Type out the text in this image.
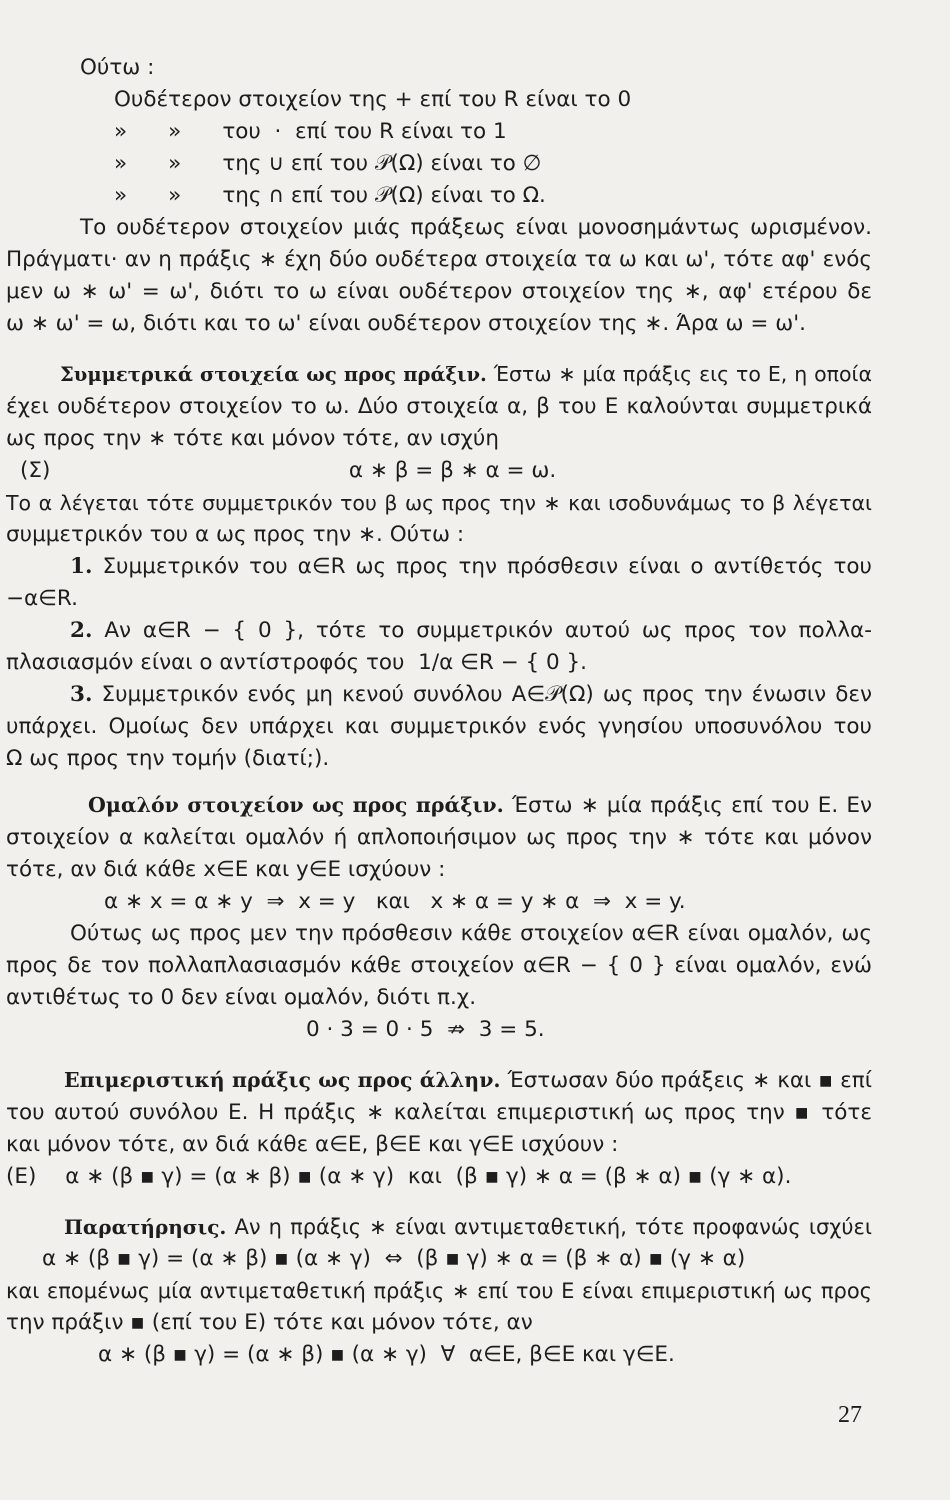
Ούτω :
Ουδέτερον στοιχείον της + επί του R είναι το 0
»      »      του  ·  επί του R είναι το 1
»      »      της ∪ επί του 𝒫(Ω) είναι το ∅
»      »      της ∩ επί του 𝒫(Ω) είναι το Ω.
Το ουδέτερον στοιχείον μιάς πράξεως είναι μονοσημάντως ωρισμένον.
Πράγματι· αν η πράξις ∗ έχη δύο ουδέτερα στοιχεία τα ω και ω', τότε αφ' ενός
μεν ω ∗ ω' = ω', διότι το ω είναι ουδέτερον στοιχείον της ∗, αφ' ετέρου δε
ω ∗ ω' = ω, διότι και το ω' είναι ουδέτερον στοιχείον της ∗. Άρα ω = ω'.
Συμμετρικά στοιχεία ως προς πράξιν. Έστω ∗ μία πράξις εις το Ε, η οποία
έχει ουδέτερον στοιχείον το ω. Δύο στοιχεία α, β του Ε καλούνται συμμετρικά
ως προς την ∗ τότε και μόνον τότε, αν ισχύη
(Σ)	α ∗ β = β ∗ α = ω.
Το α λέγεται τότε συμμετρικόν του β ως προς την ∗ και ισοδυνάμως το β λέγεται
συμμετρικόν του α ως προς την ∗. Ούτω :
1. Συμμετρικόν του α∈R ως προς την πρόσθεσιν είναι ο αντίθετός του
−α∈R.
2. Αν α∈R − { 0 }, τότε το συμμετρικόν αυτού ως προς τον πολλα-
πλασιασμόν είναι ο αντίστροφός του  1/α ∈R − { 0 }.
3. Συμμετρικόν ενός μη κενού συνόλου Α∈𝒫(Ω) ως προς την ένωσιν δεν
υπάρχει. Ομοίως δεν υπάρχει και συμμετρικόν ενός γνησίου υποσυνόλου του
Ω ως προς την τομήν (διατί;).
Ομαλόν στοιχείον ως προς πράξιν. Έστω ∗ μία πράξις επί του Ε. Εν
στοιχείον α καλείται ομαλόν ή απλοποιήσιμον ως προς την ∗ τότε και μόνον
τότε, αν διά κάθε x∈E και y∈E ισχύουν :
α ∗ x = α ∗ y  ⇒  x = y   και   x ∗ α = y ∗ α  ⇒  x = y.
Ούτως ως προς μεν την πρόσθεσιν κάθε στοιχείον α∈R είναι ομαλόν, ως
προς δε τον πολλαπλασιασμόν κάθε στοιχείον α∈R − { 0 } είναι ομαλόν, ενώ
αντιθέτως το 0 δεν είναι ομαλόν, διότι π.χ.
0 · 3 = 0 · 5  ⇏  3 = 5.
Επιμεριστική πράξις ως προς άλλην. Έστωσαν δύο πράξεις ∗ και ▪ επί
του αυτού συνόλου Ε. Η πράξις ∗ καλείται επιμεριστική ως προς την ▪ τότε
και μόνον τότε, αν διά κάθε α∈E, β∈E και γ∈E ισχύουν :
(Ε) α ∗ (β ▪ γ) = (α ∗ β) ▪ (α ∗ γ)  και  (β ▪ γ) ∗ α = (β ∗ α) ▪ (γ ∗ α).
Παρατήρησις. Αν η πράξις ∗ είναι αντιμεταθετική, τότε προφανώς ισχύει
α ∗ (β ▪ γ) = (α ∗ β) ▪ (α ∗ γ)  ⇔  (β ▪ γ) ∗ α = (β ∗ α) ▪ (γ ∗ α)
και επομένως μία αντιμεταθετική πράξις ∗ επί του Ε είναι επιμεριστική ως προς
την πράξιν ▪ (επί του Ε) τότε και μόνον τότε, αν
α ∗ (β ▪ γ) = (α ∗ β) ▪ (α ∗ γ)  ∀  α∈E, β∈E και γ∈E.
27
